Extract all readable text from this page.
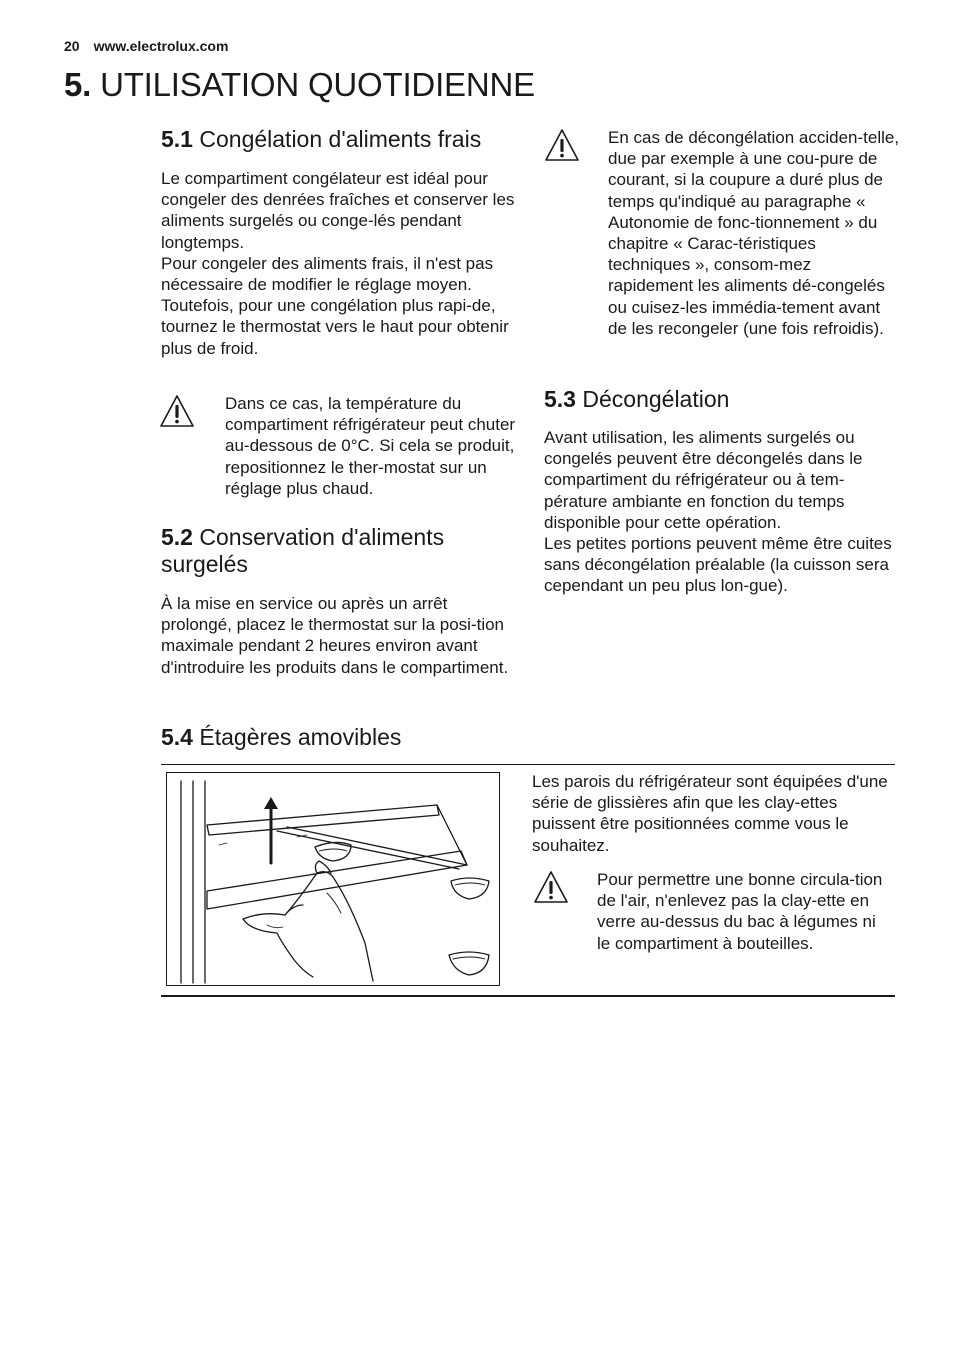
20 www.electrolux.com
5. UTILISATION QUOTIDIENNE
5.1 Congélation d'aliments frais

Le compartiment congélateur est idéal pour congeler des denrées fraîches et conserver les aliments surgelés ou conge-lés pendant longtemps.

Pour congeler des aliments frais, il n'est pas nécessaire de modifier le réglage moyen.

Toutefois, pour une congélation plus rapi-de, tournez le thermostat vers le haut pour obtenir plus de froid.

Dans ce cas, la température du compartiment réfrigérateur peut chuter au-dessous de 0°C. Si cela se produit, repositionnez le ther-mostat sur un réglage plus chaud.
5.2 Conservation d'aliments
surgelés
À la mise en service ou après un arrêt prolongé, placez le thermostat sur la posi-tion maximale pendant 2 heures environ avant d'introduire les produits dans le compartiment.
En cas de décongélation acciden-telle, due par exemple à une cou-pure de courant, si la coupure a duré plus de temps qu'indiqué au paragraphe « Autonomie de fonc-tionnement » du chapitre « Carac-téristiques techniques », consom-mez rapidement les aliments dé-congelés ou cuisez-les immédia-tement avant de les recongeler (une fois refroidis).
5.3 Décongélation

Avant utilisation, les aliments surgelés ou congelés peuvent être décongelés dans le compartiment du réfrigérateur ou à tem-pérature ambiante en fonction du temps disponible pour cette opération.

Les petites portions peuvent même être cuites sans décongélation préalable (la cuisson sera cependant un peu plus lon-gue).

5.4 Étagères amovibles
Les parois du réfrigérateur sont équipées d'une série de glissières afin que les clay-ettes puissent être positionnées comme vous le souhaitez.
Pour permettre une bonne circula-tion de l'air, n'enlevez pas la clay-ette en verre au-dessus du bac à légumes ni le compartiment à bouteilles.
